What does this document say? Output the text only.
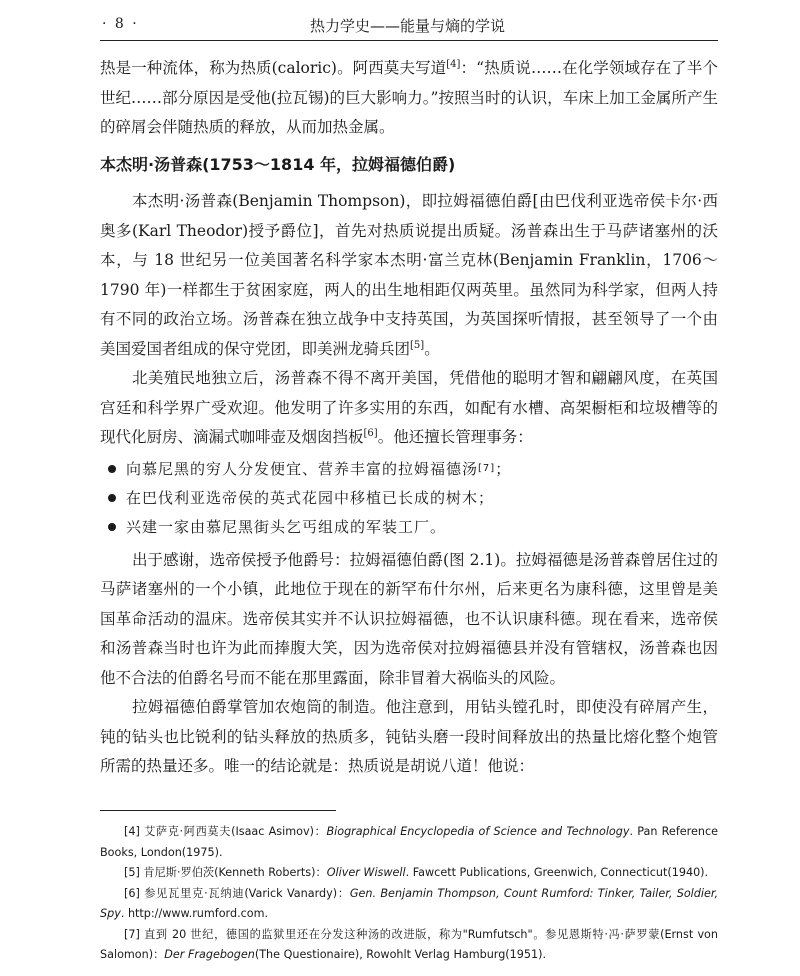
· 8 ·	热力学史——能量与熵的学说

热是一种流体，称为热质(caloric)。阿西莫夫写道[4]：“热质说……在化学领域存在了半个世纪……部分原因是受他(拉瓦锡)的巨大影响力。”按照当时的认识，车床上加工金属所产生的碎屑会伴随热质的释放，从而加热金属。

本杰明·汤普森(1753～1814 年，拉姆福德伯爵)

本杰明·汤普森(Benjamin Thompson)，即拉姆福德伯爵[由巴伐利亚选帝侯卡尔·西奥多(Karl Theodor)授予爵位]，首先对热质说提出质疑。汤普森出生于马萨诸塞州的沃本，与 18 世纪另一位美国著名科学家本杰明·富兰克林(Benjamin Franklin，1706～1790 年)一样都生于贫困家庭，两人的出生地相距仅两英里。虽然同为科学家，但两人持有不同的政治立场。汤普森在独立战争中支持英国，为英国探听情报，甚至领导了一个由美国爱国者组成的保守党团，即美洲龙骑兵团[5]。

北美殖民地独立后，汤普森不得不离开美国，凭借他的聪明才智和翩翩风度，在英国宫廷和科学界广受欢迎。他发明了许多实用的东西，如配有水槽、高架橱柜和垃圾槽等的现代化厨房、滴漏式咖啡壶及烟囱挡板[6]。他还擅长管理事务：

向慕尼黑的穷人分发便宜、营养丰富的拉姆福德汤 [7] ；
在巴伐利亚选帝侯的英式花园中移植已长成的树木；
兴建一家由慕尼黑街头乞丐组成的军装工厂。

出于感谢，选帝侯授予他爵号：拉姆福德伯爵(图 2.1)。拉姆福德是汤普森曾居住过的马萨诸塞州的一个小镇，此地位于现在的新罕布什尔州，后来更名为康科德，这里曾是美国革命活动的温床。选帝侯其实并不认识拉姆福德，也不认识康科德。现在看来，选帝侯和汤普森当时也许为此而捧腹大笑，因为选帝侯对拉姆福德县并没有管辖权，汤普森也因他不合法的伯爵名号而不能在那里露面，除非冒着大祸临头的风险。

拉姆福德伯爵掌管加农炮筒的制造。他注意到，用钻头镗孔时，即使没有碎屑产生，钝的钻头也比锐利的钻头释放的热质多，钝钻头磨一段时间释放出的热量比熔化整个炮管所需的热量还多。唯一的结论就是：热质说是胡说八道！他说：

[4] 艾萨克·阿西莫夫(Isaac Asimov)：Biographical Encyclopedia of Science and Technology. Pan Reference Books, London(1975).

[5] 肯尼斯·罗伯茨(Kenneth Roberts)：Oliver Wiswell. Fawcett Publications, Greenwich, Connecticut(1940).

[6] 参见瓦里克·瓦纳迪(Varick Vanardy)：Gen. Benjamin Thompson, Count Rumford: Tinker, Tailer, Soldier, Spy. http://www.rumford.com.

[7] 直到 20 世纪，德国的监狱里还在分发这种汤的改进版，称为"Rumfutsch"。参见恩斯特·冯·萨罗蒙(Ernst von Salomon)：Der Fragebogen(The Questionaire), Rowohlt Verlag Hamburg(1951).
